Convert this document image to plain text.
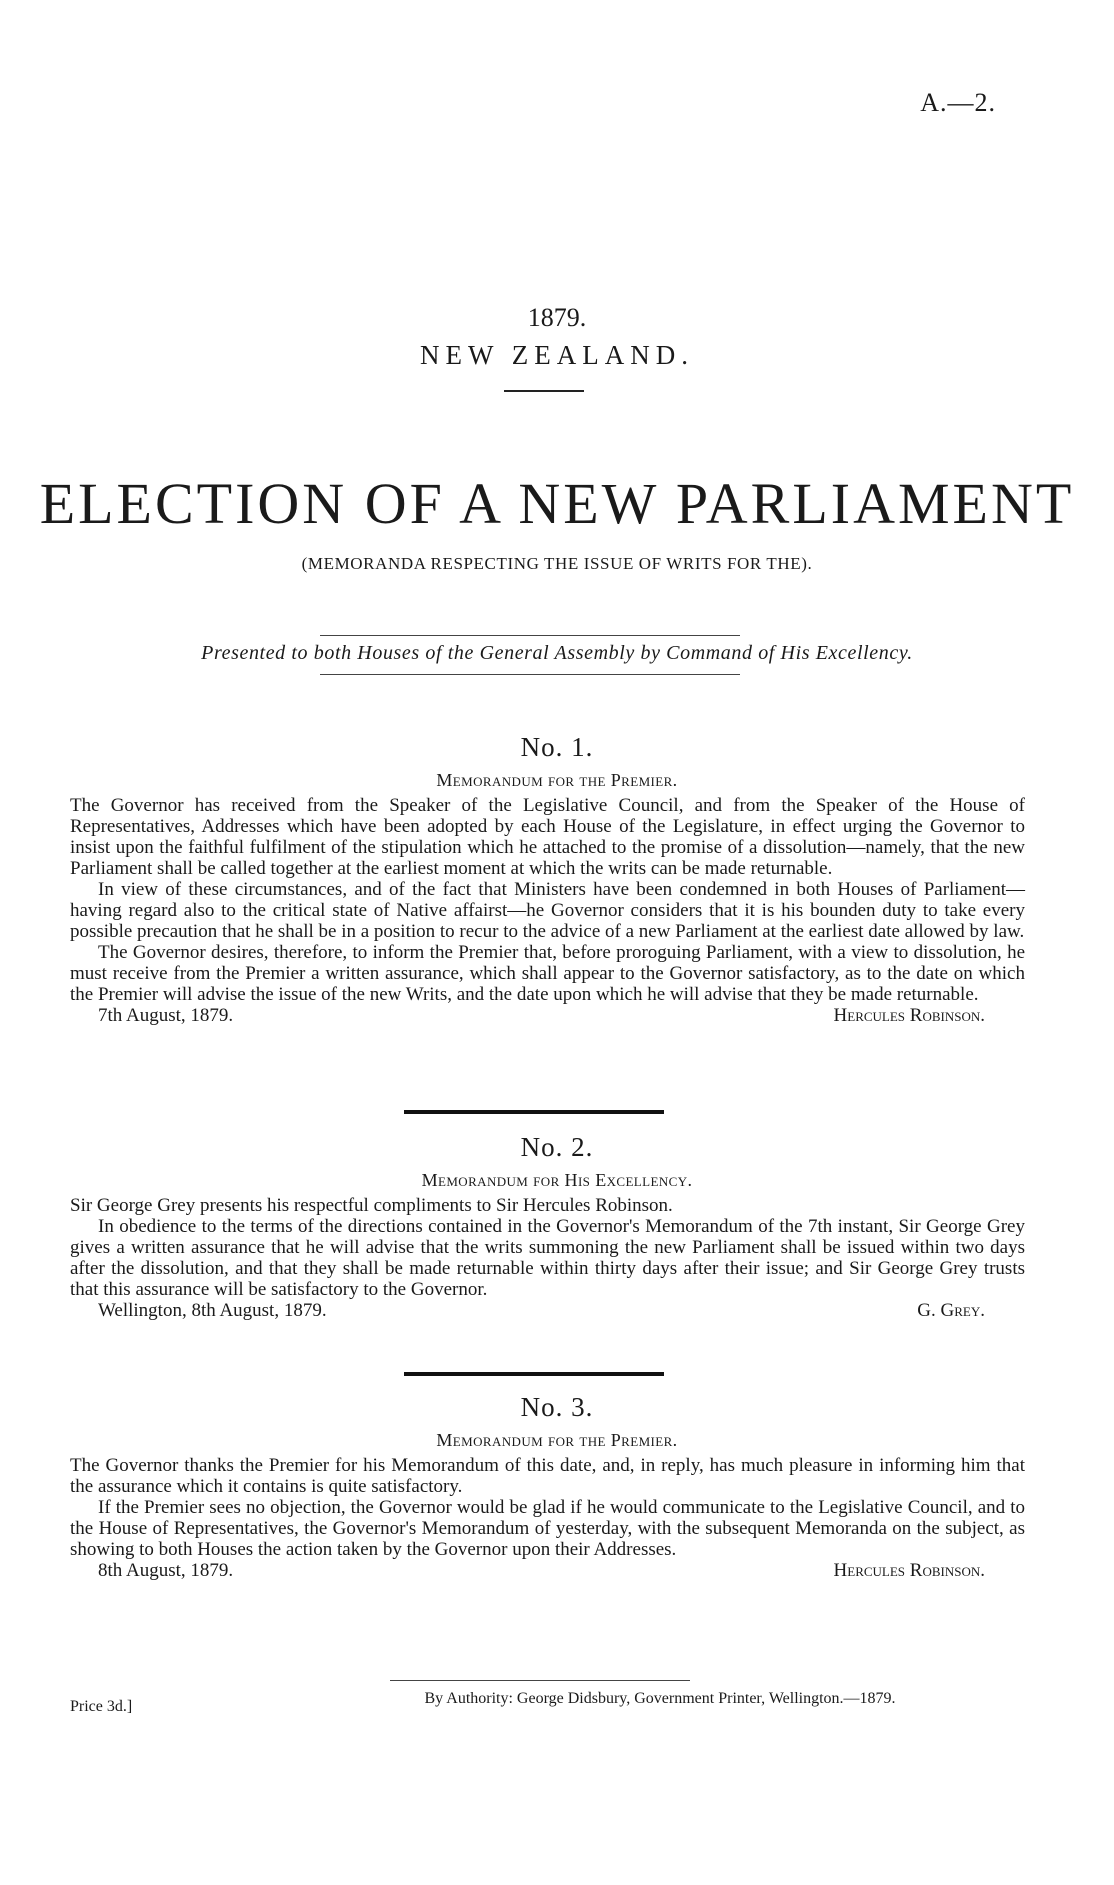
A.—2.
1879.
NEW ZEALAND.
ELECTION OF A NEW PARLIAMENT
(MEMORANDA RESPECTING THE ISSUE OF WRITS FOR THE).
Presented to both Houses of the General Assembly by Command of His Excellency.
No. 1.
Memorandum for the Premier.

The Governor has received from the Speaker of the Legislative Council, and from the Speaker of the House of Representatives, Addresses which have been adopted by each House of the Legislature, in effect urging the Governor to insist upon the faithful fulfilment of the stipulation which he attached to the promise of a dissolution—namely, that the new Parliament shall be called together at the earliest moment at which the writs can be made returnable.

In view of these circumstances, and of the fact that Ministers have been condemned in both Houses of Parliament—having regard also to the critical state of Native affairst—he Governor considers that it is his bounden duty to take every possible precaution that he shall be in a position to recur to the advice of a new Parliament at the earliest date allowed by law.

The Governor desires, therefore, to inform the Premier that, before proroguing Parliament, with a view to dissolution, he must receive from the Premier a written assurance, which shall appear to the Governor satisfactory, as to the date on which the Premier will advise the issue of the new Writs, and the date upon which he will advise that they be made returnable.

7th August, 1879.	Hercules Robinson.
No. 2.
Memorandum for His Excellency.

Sir George Grey presents his respectful compliments to Sir Hercules Robinson.

In obedience to the terms of the directions contained in the Governor's Memorandum of the 7th instant, Sir George Grey gives a written assurance that he will advise that the writs summoning the new Parliament shall be issued within two days after the dissolution, and that they shall be made returnable within thirty days after their issue; and Sir George Grey trusts that this assurance will be satisfactory to the Governor.

Wellington, 8th August, 1879.	G. Grey.
No. 3.
Memorandum for the Premier.

The Governor thanks the Premier for his Memorandum of this date, and, in reply, has much pleasure in informing him that the assurance which it contains is quite satisfactory.

If the Premier sees no objection, the Governor would be glad if he would communicate to the Legislative Council, and to the House of Representatives, the Governor's Memorandum of yesterday, with the subsequent Memoranda on the subject, as showing to both Houses the action taken by the Governor upon their Addresses.

8th August, 1879.	Hercules Robinson.
By Authority: George Didsbury, Government Printer, Wellington.—1879.
Price 3d.]
